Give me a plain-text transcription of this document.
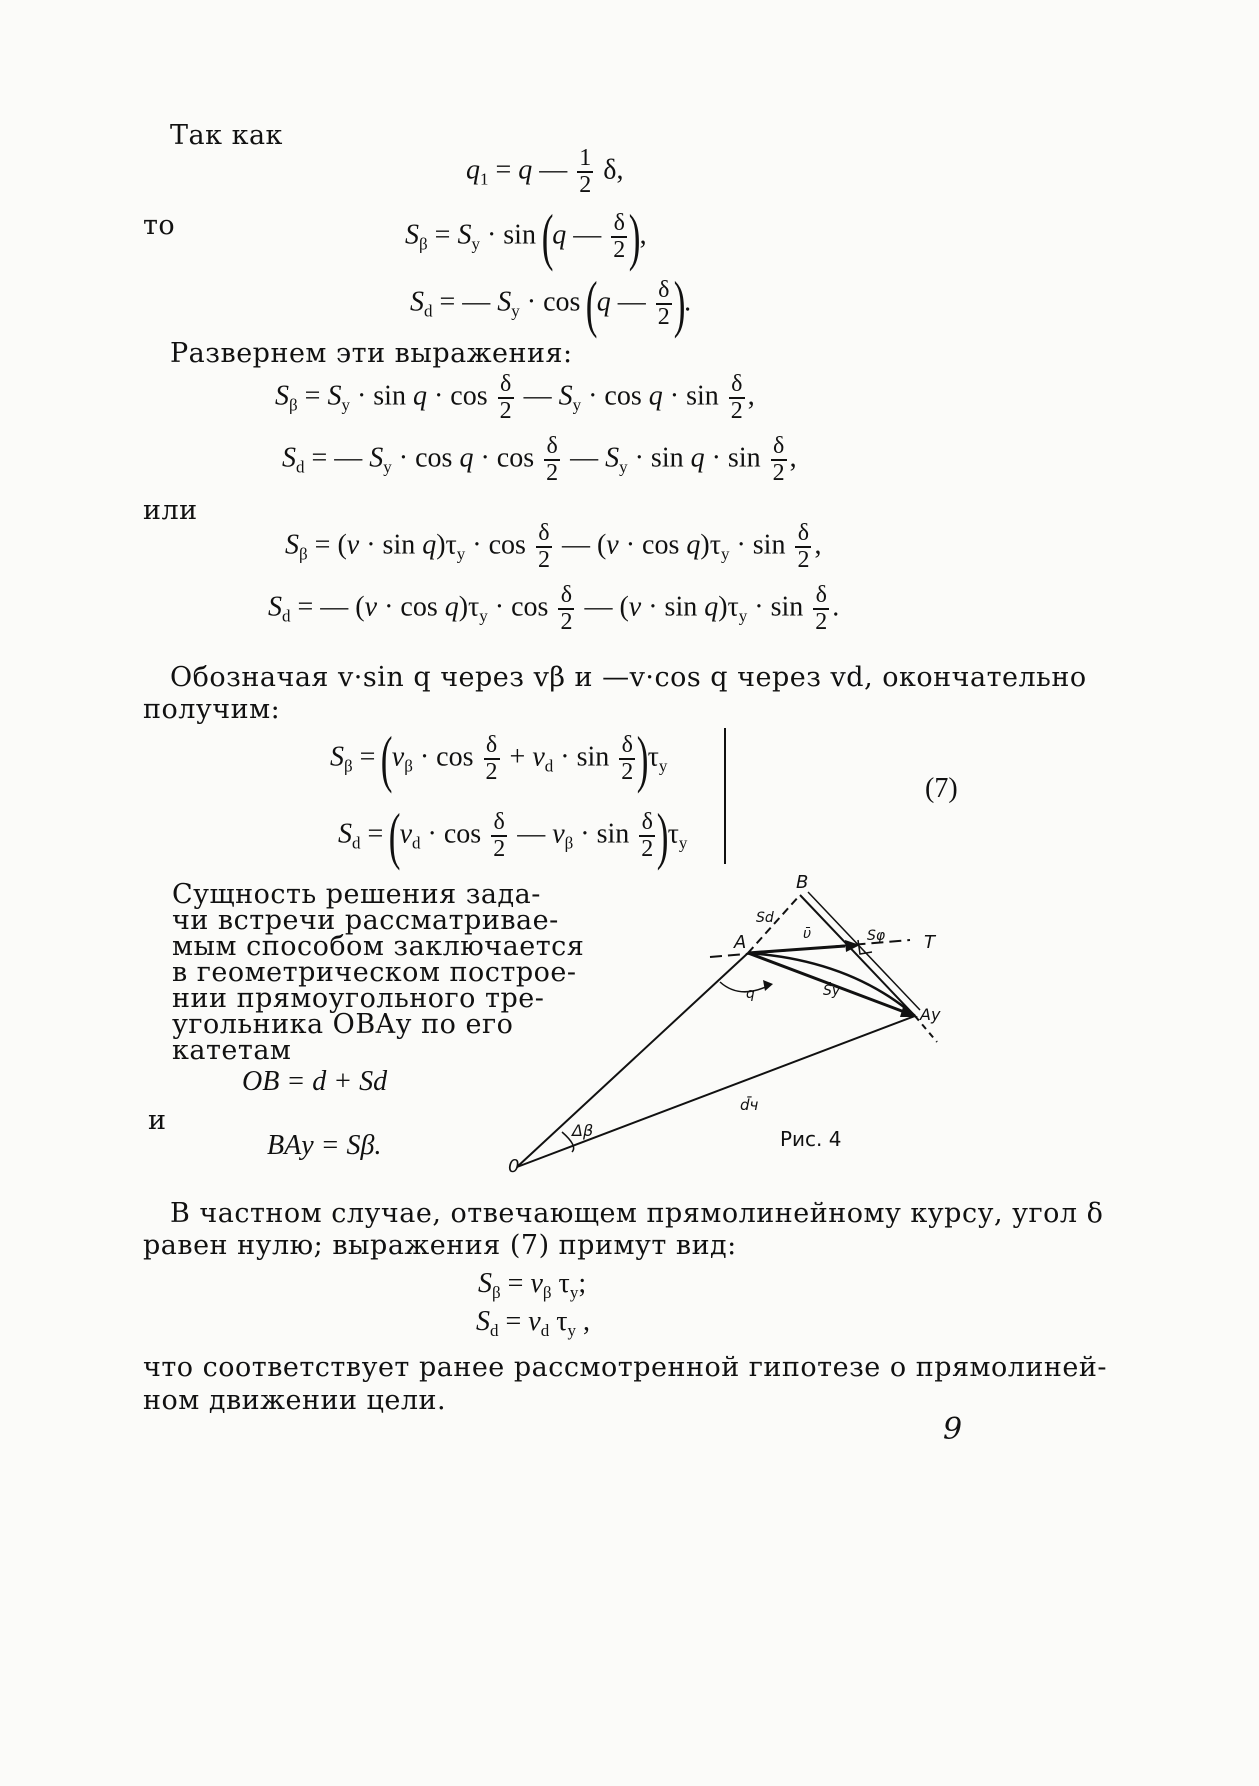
Так как
то
$q_1 = q$ — $\frac{1}{2} \delta$,
$S_\beta = S_у \cdot \sin (q$ — $\frac{\delta}{2}$ ),
$S_d$ = — $S_у \cdot \cos (q$ — $\frac{\delta}{2}$ ).
Развернем эти выражения:
$S_\beta = S_у \cdot \sin q \cdot \cos \frac{\delta}{2}$ — $S_у \cdot \cos q \cdot \sin \frac{\delta}{2}$ ,
$S_d$ = — $S_у \cdot \cos q \cdot \cos \frac{\delta}{2}$ — $S_у \cdot \sin q \cdot \sin \frac{\delta}{2}$ ,
или
$S_\beta = (v \cdot \sin q)\tau_у \cdot \cos \frac{\delta}{2}$ — $(v \cdot \cos q)\tau_у \cdot \sin \frac{\delta}{2}$ ,
$S_d$ = — $(v \cdot \cos q)\tau_у \cdot \cos \frac{\delta}{2}$ — $(v \cdot \sin q)\tau_у \cdot \sin \frac{\delta}{2}$ .
Обозначая v·sin q через vβ и —v·cos q через vd, окончательно
получим:
$S_\beta = (v_\beta \cdot \cos \frac{\delta}{2} + v_d \cdot \sin \frac{\delta}{2} )\tau_у$
$S_d = (v_d \cdot \cos \frac{\delta}{2}$ — $v_\beta \cdot \sin \frac{\delta}{2} )\tau_у$
(7)
Сущность решения зада-
чи встречи рассматривае-
мым способом заключается
в геометрическом построе-
нии прямоугольного тре-
угольника OBAу по его
катетам
OB = d + Sd
и
BAу = Sβ.
B
A	T
0
Aу
Sd
Sφ
ῡ
q	S̄у
d̄ч
Δβ	Рис. 4
В частном случае, отвечающем прямолинейному курсу, угол δ
равен нулю; выражения (7) примут вид:
$S_\beta = v_\beta$ $\tau_у$;
$S_d = v_d$ $\tau_у$ ,
что соответствует ранее рассмотренной гипотезе о прямолиней-
ном движении цели.
9
